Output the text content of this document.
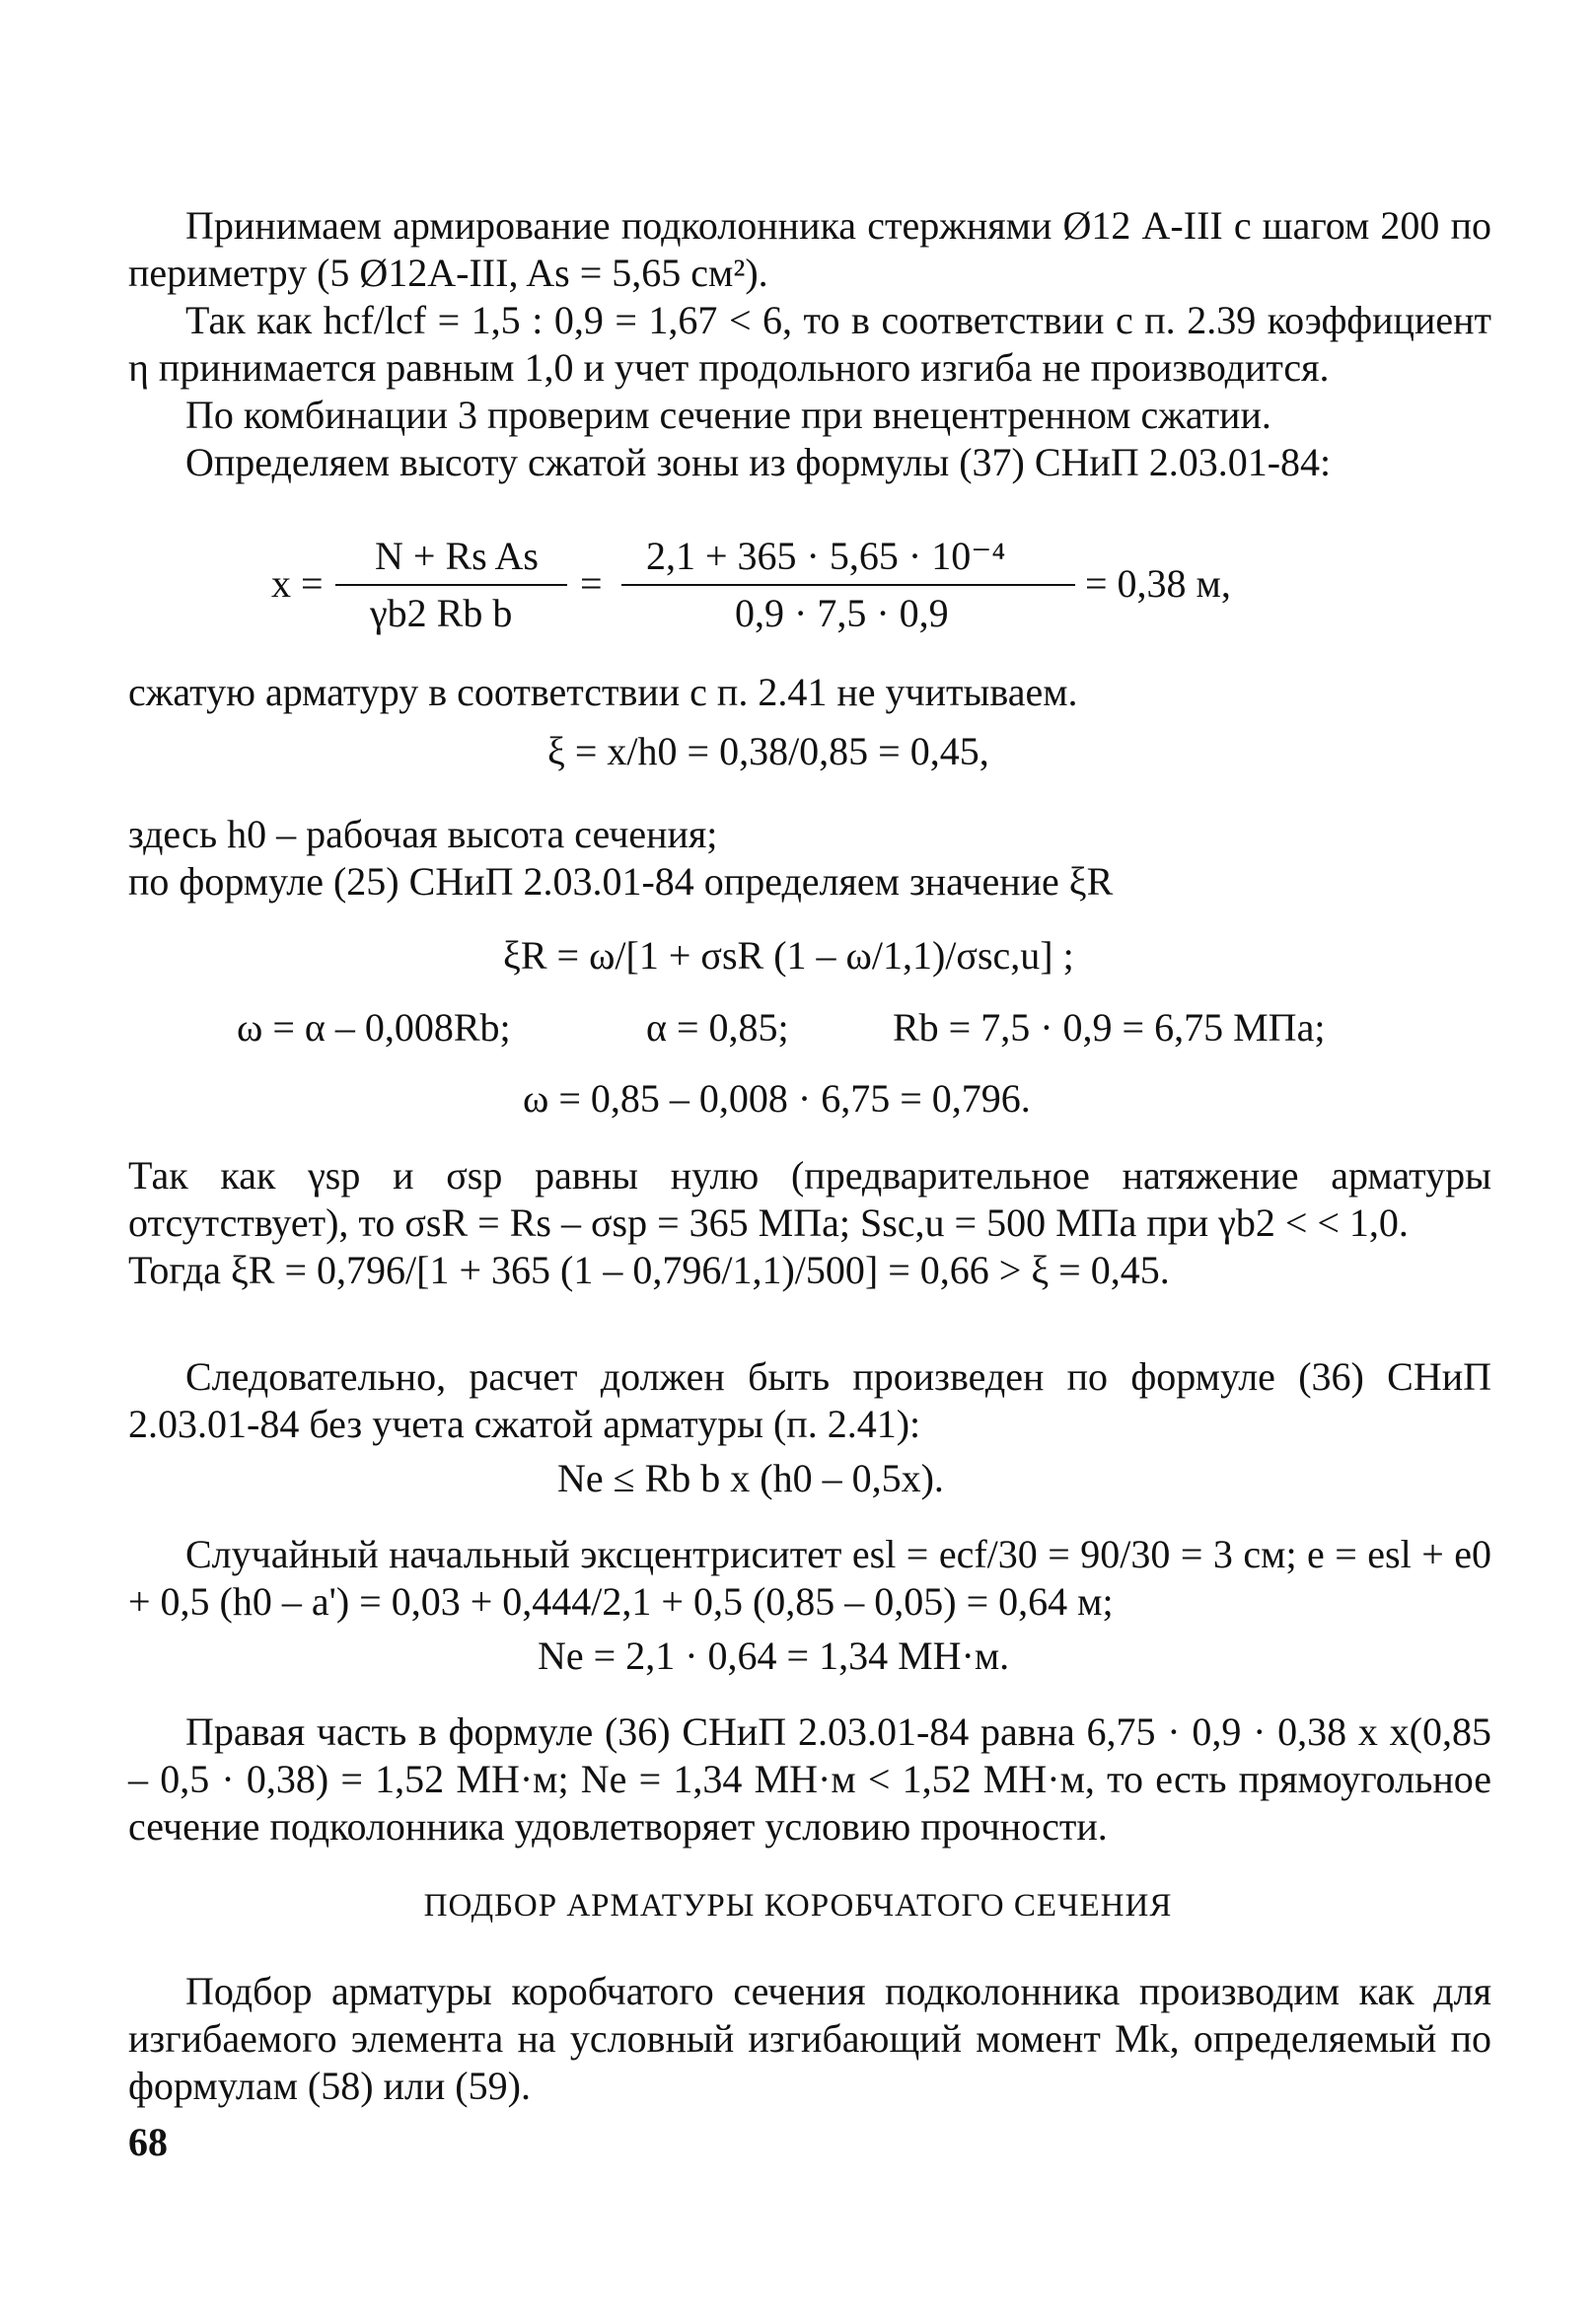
Принимаем армирование подколонника стержнями Ø12 А-III с шагом 200 по периметру (5 Ø12А-III, As = 5,65 см²).

Так как hcf/lcf = 1,5 : 0,9 = 1,67 < 6, то в соответствии с п. 2.39 коэффициент η принимается равным 1,0 и учет продольного изгиба не производится.

По комбинации 3 проверим сечение при внецентренном сжатии.

Определяем высоту сжатой зоны из формулы (37) СНиП 2.03.01-84:

x =
N + Rs As
γb2 Rb b
=
2,1 + 365 · 5,65 · 10⁻⁴
0,9 · 7,5 · 0,9
= 0,38 м,

сжатую арматуру в соответствии с п. 2.41 не учитываем.

ξ = x/h0 = 0,38/0,85 = 0,45,

здесь h0 – рабочая высота сечения;

по формуле (25) СНиП 2.03.01-84 определяем значение ξR

ξR = ω/[1 + σsR (1 – ω/1,1)/σsc,u] ;
ω = α – 0,008Rb;	α = 0,85;	Rb = 7,5 · 0,9 = 6,75 МПа;
ω = 0,85 – 0,008 · 6,75 = 0,796.

Так как γsp и σsp равны нулю (предварительное натяжение арматуры отсутствует), то σsR = Rs – σsp = 365 МПа; Ssc,u = 500 МПа при γb2 < < 1,0.

Тогда ξR = 0,796/[1 + 365 (1 – 0,796/1,1)/500] = 0,66 > ξ = 0,45.

Следовательно, расчет должен быть произведен по формуле (36) СНиП 2.03.01-84 без учета сжатой арматуры (п. 2.41):

Ne ≤ Rb b x (h0 – 0,5x).

Случайный начальный эксцентриситет esl = ecf/30 = 90/30 = 3 см; e = esl + e0 + 0,5 (h0 – a') = 0,03 + 0,444/2,1 + 0,5 (0,85 – 0,05) = 0,64 м;

Ne = 2,1 · 0,64 = 1,34 МН·м.

Правая часть в формуле (36) СНиП 2.03.01-84 равна 6,75 · 0,9 · 0,38 x x(0,85 – 0,5 · 0,38) = 1,52 МН·м; Ne = 1,34 МН·м < 1,52 МН·м, то есть прямоугольное сечение подколонника удовлетворяет условию прочности.

ПОДБОР АРМАТУРЫ КОРОБЧАТОГО СЕЧЕНИЯ

Подбор арматуры коробчатого сечения подколонника производим как для изгибаемого элемента на условный изгибающий момент Mk, определяемый по формулам (58) или (59).

68
